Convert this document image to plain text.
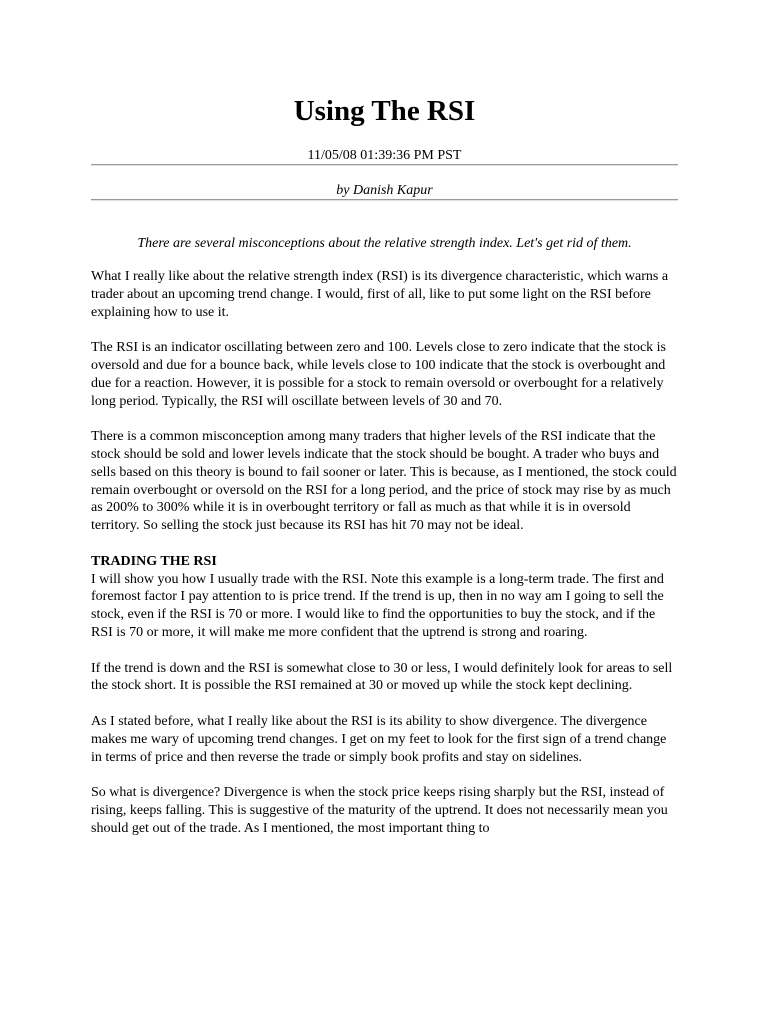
Using The RSI
11/05/08 01:39:36 PM PST
by Danish Kapur
There are several misconceptions about the relative strength index. Let's get rid of them.

What I really like about the relative strength index (RSI) is its divergence characteristic, which warns a trader about an upcoming trend change. I would, first of all, like to put some light on the RSI before explaining how to use it.

The RSI is an indicator oscillating between zero and 100. Levels close to zero indicate that the stock is oversold and due for a bounce back, while levels close to 100 indicate that the stock is overbought and due for a reaction. However, it is possible for a stock to remain oversold or overbought for a relatively long period. Typically, the RSI will oscillate between levels of 30 and 70.

There is a common misconception among many traders that higher levels of the RSI indicate that the stock should be sold and lower levels indicate that the stock should be bought. A trader who buys and sells based on this theory is bound to fail sooner or later. This is because, as I mentioned, the stock could remain overbought or oversold on the RSI for a long period, and the price of stock may rise by as much as 200% to 300% while it is in overbought territory or fall as much as that while it is in oversold territory. So selling the stock just because its RSI has hit 70 may not be ideal.

TRADING THE RSI

I will show you how I usually trade with the RSI. Note this example is a long-term trade. The first and foremost factor I pay attention to is price trend. If the trend is up, then in no way am I going to sell the stock, even if the RSI is 70 or more. I would like to find the opportunities to buy the stock, and if the RSI is 70 or more, it will make me more confident that the uptrend is strong and roaring.

If the trend is down and the RSI is somewhat close to 30 or less, I would definitely look for areas to sell the stock short. It is possible the RSI remained at 30 or moved up while the stock kept declining.

As I stated before, what I really like about the RSI is its ability to show divergence. The divergence makes me wary of upcoming trend changes. I get on my feet to look for the first sign of a trend change in terms of price and then reverse the trade or simply book profits and stay on sidelines.

So what is divergence? Divergence is when the stock price keeps rising sharply but the RSI, instead of rising, keeps falling. This is suggestive of the maturity of the uptrend. It does not necessarily mean you should get out of the trade. As I mentioned, the most important thing to
